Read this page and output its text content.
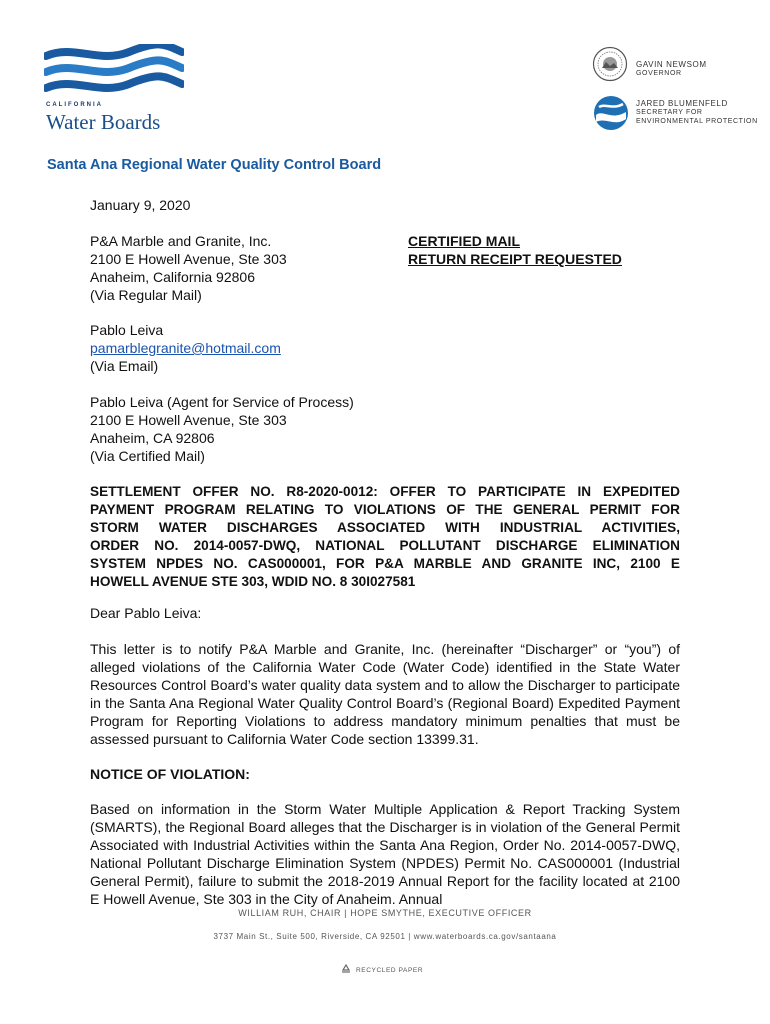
CALIFORNIA
Water Boards
GAVIN NEWSOM
GOVERNOR
JARED BLUMENFELD
SECRETARY FOR
ENVIRONMENTAL PROTECTION
Santa Ana Regional Water Quality Control Board
January 9, 2020
P&A Marble and Granite, Inc.
2100 E Howell Avenue, Ste 303
Anaheim, California 92806
(Via Regular Mail)
CERTIFIED MAIL
RETURN RECEIPT REQUESTED
Pablo Leiva
pamarblegranite@hotmail.com
(Via Email)
Pablo Leiva (Agent for Service of Process)
2100 E Howell Avenue, Ste 303
Anaheim, CA 92806
(Via Certified Mail)
SETTLEMENT OFFER NO. R8-2020-0012: OFFER TO PARTICIPATE IN EXPEDITED
PAYMENT PROGRAM RELATING TO VIOLATIONS OF THE GENERAL PERMIT FOR
STORM WATER DISCHARGES ASSOCIATED WITH INDUSTRIAL ACTIVITIES,
ORDER NO. 2014-0057-DWQ, NATIONAL POLLUTANT DISCHARGE ELIMINATION
SYSTEM NPDES NO. CAS000001, FOR P&A MARBLE AND GRANITE INC, 2100 E
HOWELL AVENUE STE 303, WDID NO. 8 30I027581
Dear Pablo Leiva:
This letter is to notify P&A Marble and Granite, Inc. (hereinafter “Discharger” or “you”) of alleged violations of the California Water Code (Water Code) identified in the State Water Resources Control Board’s water quality data system and to allow the Discharger to participate in the Santa Ana Regional Water Quality Control Board’s (Regional Board) Expedited Payment Program for Reporting Violations to address mandatory minimum penalties that must be assessed pursuant to California Water Code section 13399.31.
NOTICE OF VIOLATION:
Based on information in the Storm Water Multiple Application & Report Tracking System (SMARTS), the Regional Board alleges that the Discharger is in violation of the General Permit Associated with Industrial Activities within the Santa Ana Region, Order No. 2014-0057-DWQ, National Pollutant Discharge Elimination System (NPDES) Permit No. CAS000001 (Industrial General Permit), failure to submit the 2018-2019 Annual Report for the facility located at 2100 E Howell Avenue, Ste 303 in the City of Anaheim. Annual
WILLIAM RUH, CHAIR | HOPE SMYTHE, EXECUTIVE OFFICER
3737 Main St., Suite 500, Riverside, CA 92501 | www.waterboards.ca.gov/santaana
RECYCLED PAPER
